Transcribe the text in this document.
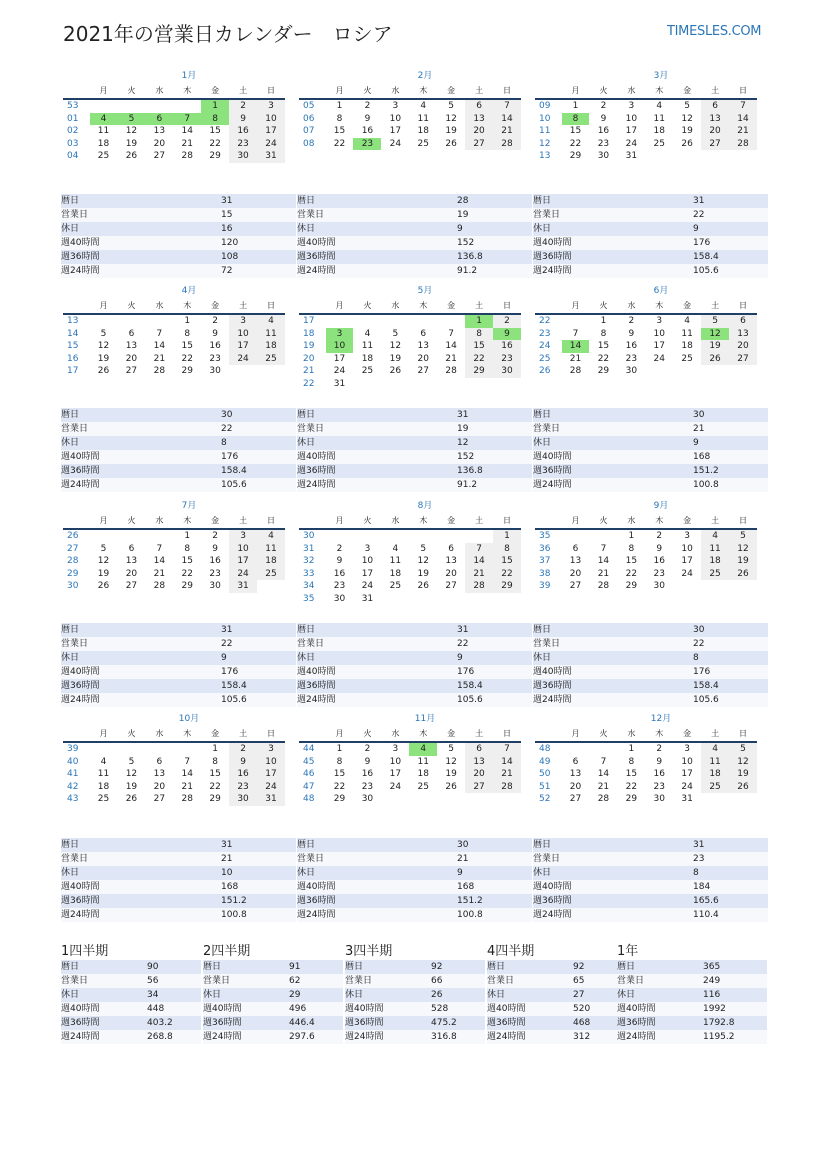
2021年の営業日カレンダー　ロシア	TIMESLES.COM
1月
	月	火	水	木	金	土	日
53					1	2	3
01	4	5	6	7	8	9	10
02	11	12	13	14	15	16	17
03	18	19	20	21	22	23	24
04	25	26	27	28	29	30	31
暦日	31
営業日	15
休日	16
週40時間	120
週36時間	108
週24時間	72
2月
	月	火	水	木	金	土	日
05	1	2	3	4	5	6	7
06	8	9	10	11	12	13	14
07	15	16	17	18	19	20	21
08	22	23	24	25	26	27	28
暦日	28
営業日	19
休日	9
週40時間	152
週36時間	136.8
週24時間	91.2
3月
	月	火	水	木	金	土	日
09	1	2	3	4	5	6	7
10	8	9	10	11	12	13	14
11	15	16	17	18	19	20	21
12	22	23	24	25	26	27	28
13	29	30	31				
暦日	31
営業日	22
休日	9
週40時間	176
週36時間	158.4
週24時間	105.6
4月
	月	火	水	木	金	土	日
13				1	2	3	4
14	5	6	7	8	9	10	11
15	12	13	14	15	16	17	18
16	19	20	21	22	23	24	25
17	26	27	28	29	30		
暦日	30
営業日	22
休日	8
週40時間	176
週36時間	158.4
週24時間	105.6
5月
	月	火	水	木	金	土	日
17						1	2
18	3	4	5	6	7	8	9
19	10	11	12	13	14	15	16
20	17	18	19	20	21	22	23
21	24	25	26	27	28	29	30
22	31						
暦日	31
営業日	19
休日	12
週40時間	152
週36時間	136.8
週24時間	91.2
6月
	月	火	水	木	金	土	日
22		1	2	3	4	5	6
23	7	8	9	10	11	12	13
24	14	15	16	17	18	19	20
25	21	22	23	24	25	26	27
26	28	29	30				
暦日	30
営業日	21
休日	9
週40時間	168
週36時間	151.2
週24時間	100.8
7月
	月	火	水	木	金	土	日
26				1	2	3	4
27	5	6	7	8	9	10	11
28	12	13	14	15	16	17	18
29	19	20	21	22	23	24	25
30	26	27	28	29	30	31	
暦日	31
営業日	22
休日	9
週40時間	176
週36時間	158.4
週24時間	105.6
8月
	月	火	水	木	金	土	日
30							1
31	2	3	4	5	6	7	8
32	9	10	11	12	13	14	15
33	16	17	18	19	20	21	22
34	23	24	25	26	27	28	29
35	30	31					
暦日	31
営業日	22
休日	9
週40時間	176
週36時間	158.4
週24時間	105.6
9月
	月	火	水	木	金	土	日
35			1	2	3	4	5
36	6	7	8	9	10	11	12
37	13	14	15	16	17	18	19
38	20	21	22	23	24	25	26
39	27	28	29	30			
暦日	30
営業日	22
休日	8
週40時間	176
週36時間	158.4
週24時間	105.6
10月
	月	火	水	木	金	土	日
39					1	2	3
40	4	5	6	7	8	9	10
41	11	12	13	14	15	16	17
42	18	19	20	21	22	23	24
43	25	26	27	28	29	30	31
暦日	31
営業日	21
休日	10
週40時間	168
週36時間	151.2
週24時間	100.8
11月
	月	火	水	木	金	土	日
44	1	2	3	4	5	6	7
45	8	9	10	11	12	13	14
46	15	16	17	18	19	20	21
47	22	23	24	25	26	27	28
48	29	30					
暦日	30
営業日	21
休日	9
週40時間	168
週36時間	151.2
週24時間	100.8
12月
	月	火	水	木	金	土	日
48			1	2	3	4	5
49	6	7	8	9	10	11	12
50	13	14	15	16	17	18	19
51	20	21	22	23	24	25	26
52	27	28	29	30	31		
暦日	31
営業日	23
休日	8
週40時間	184
週36時間	165.6
週24時間	110.4
1四半期
暦日	90
営業日	56
休日	34
週40時間	448
週36時間	403.2
週24時間	268.8
2四半期
暦日	91
営業日	62
休日	29
週40時間	496
週36時間	446.4
週24時間	297.6
3四半期
暦日	92
営業日	66
休日	26
週40時間	528
週36時間	475.2
週24時間	316.8
4四半期
暦日	92
営業日	65
休日	27
週40時間	520
週36時間	468
週24時間	312
1年
暦日	365
営業日	249
休日	116
週40時間	1992
週36時間	1792.8
週24時間	1195.2
